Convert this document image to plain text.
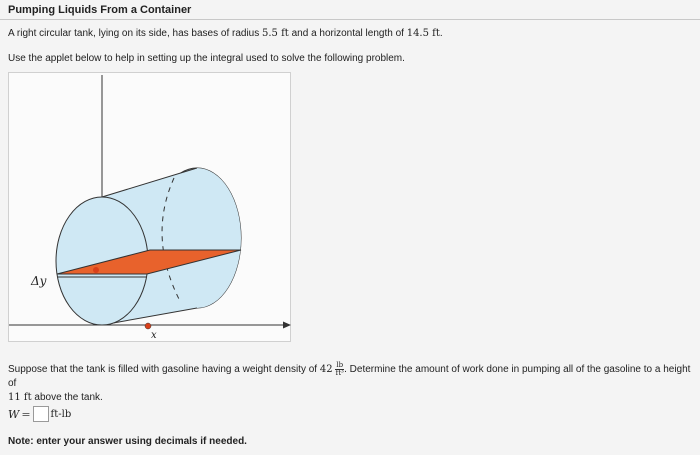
Pumping Liquids From a Container
A right circular tank, lying on its side, has bases of radius 5.5 ft and a horizontal length of 14.5 ft.
Use the applet below to help in setting up the integral used to solve the following problem.
Δy
x
Suppose that the tank is filled with gasoline having a weight density of $42 \frac{lb}{\text{ft³}}$ . Determine the amount of work done in pumping all of the gasoline to a height of
11 ft above the tank.
W = ft-lb
Note: enter your answer using decimals if needed.
